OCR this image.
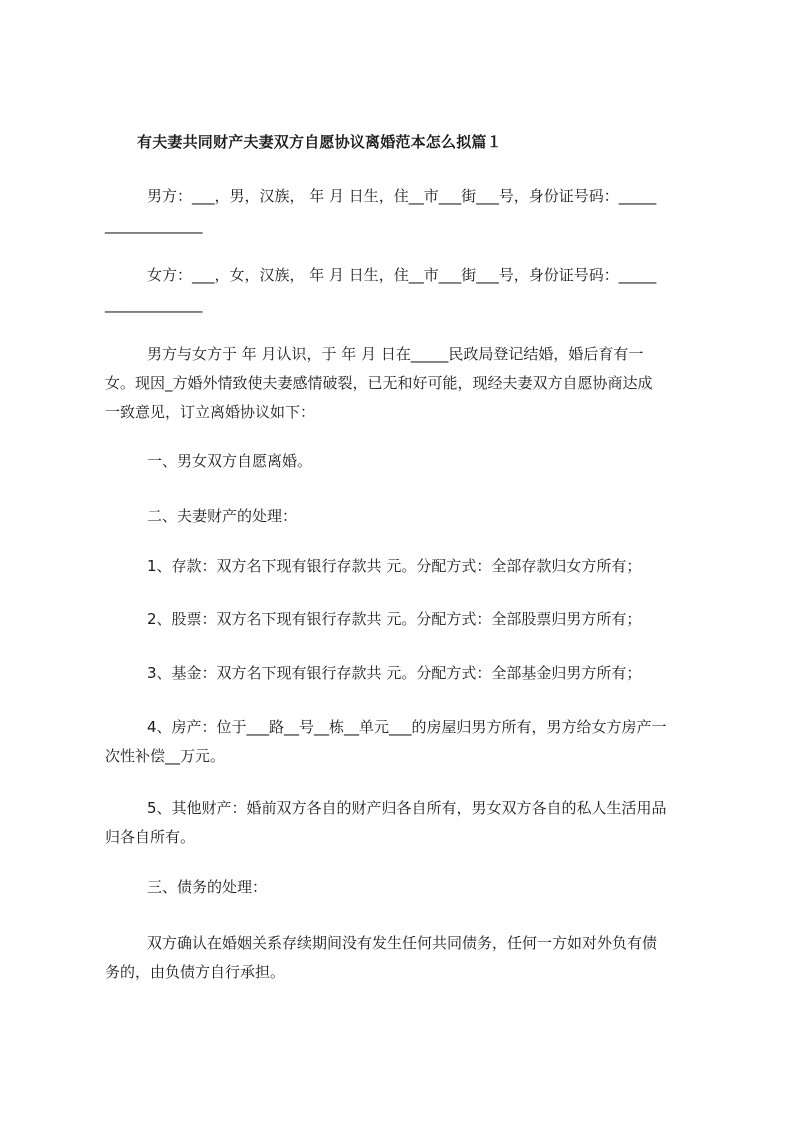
有夫妻共同财产夫妻双方自愿协议离婚范本怎么拟篇１
男方：___，男，汉族， 年 月 日生，住__市___街___号，身份证号码：_____
_____________
女方：___，女，汉族， 年 月 日生，住__市___街___号，身份证号码：_____
_____________
男方与女方于 年 月认识，于 年 月 日在_____民政局登记结婚，婚后育有一
女。现因_方婚外情致使夫妻感情破裂，已无和好可能，现经夫妻双方自愿协商达成
一致意见，订立离婚协议如下：
一、男女双方自愿离婚。
二、夫妻财产的处理：
1、存款：双方名下现有银行存款共 元。分配方式：全部存款归女方所有；
2、股票：双方名下现有银行存款共 元。分配方式：全部股票归男方所有；
3、基金：双方名下现有银行存款共 元。分配方式：全部基金归男方所有；
4、房产：位于___路__号__栋__单元___的房屋归男方所有，男方给女方房产一
次性补偿__万元。
5、其他财产：婚前双方各自的财产归各自所有，男女双方各自的私人生活用品
归各自所有。
三、债务的处理：
双方确认在婚姻关系存续期间没有发生任何共同债务，任何一方如对外负有债
务的，由负债方自行承担。
